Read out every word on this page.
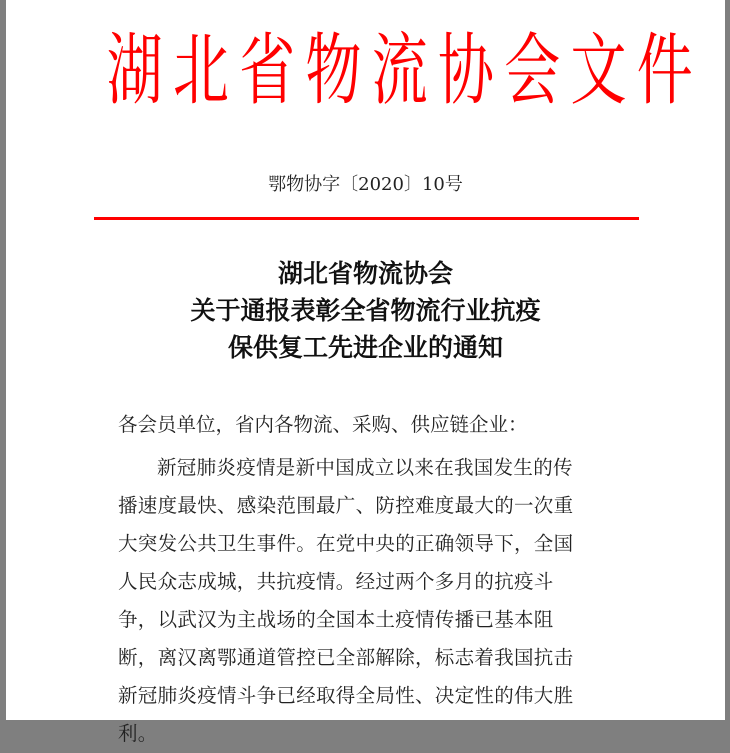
湖北省物流协会文件
鄂物协字〔2020〕10号
湖北省物流协会
关于通报表彰全省物流行业抗疫
保供复工先进企业的通知
各会员单位，省内各物流、采购、供应链企业：
新冠肺炎疫情是新中国成立以来在我国发生的传播速度最快、感染范围最广、防控难度最大的一次重大突发公共卫生事件。在党中央的正确领导下，全国人民众志成城，共抗疫情。经过两个多月的抗疫斗争，以武汉为主战场的全国本土疫情传播已基本阻断，离汉离鄂通道管控已全部解除，标志着我国抗击新冠肺炎疫情斗争已经取得全局性、决定性的伟大胜利。
